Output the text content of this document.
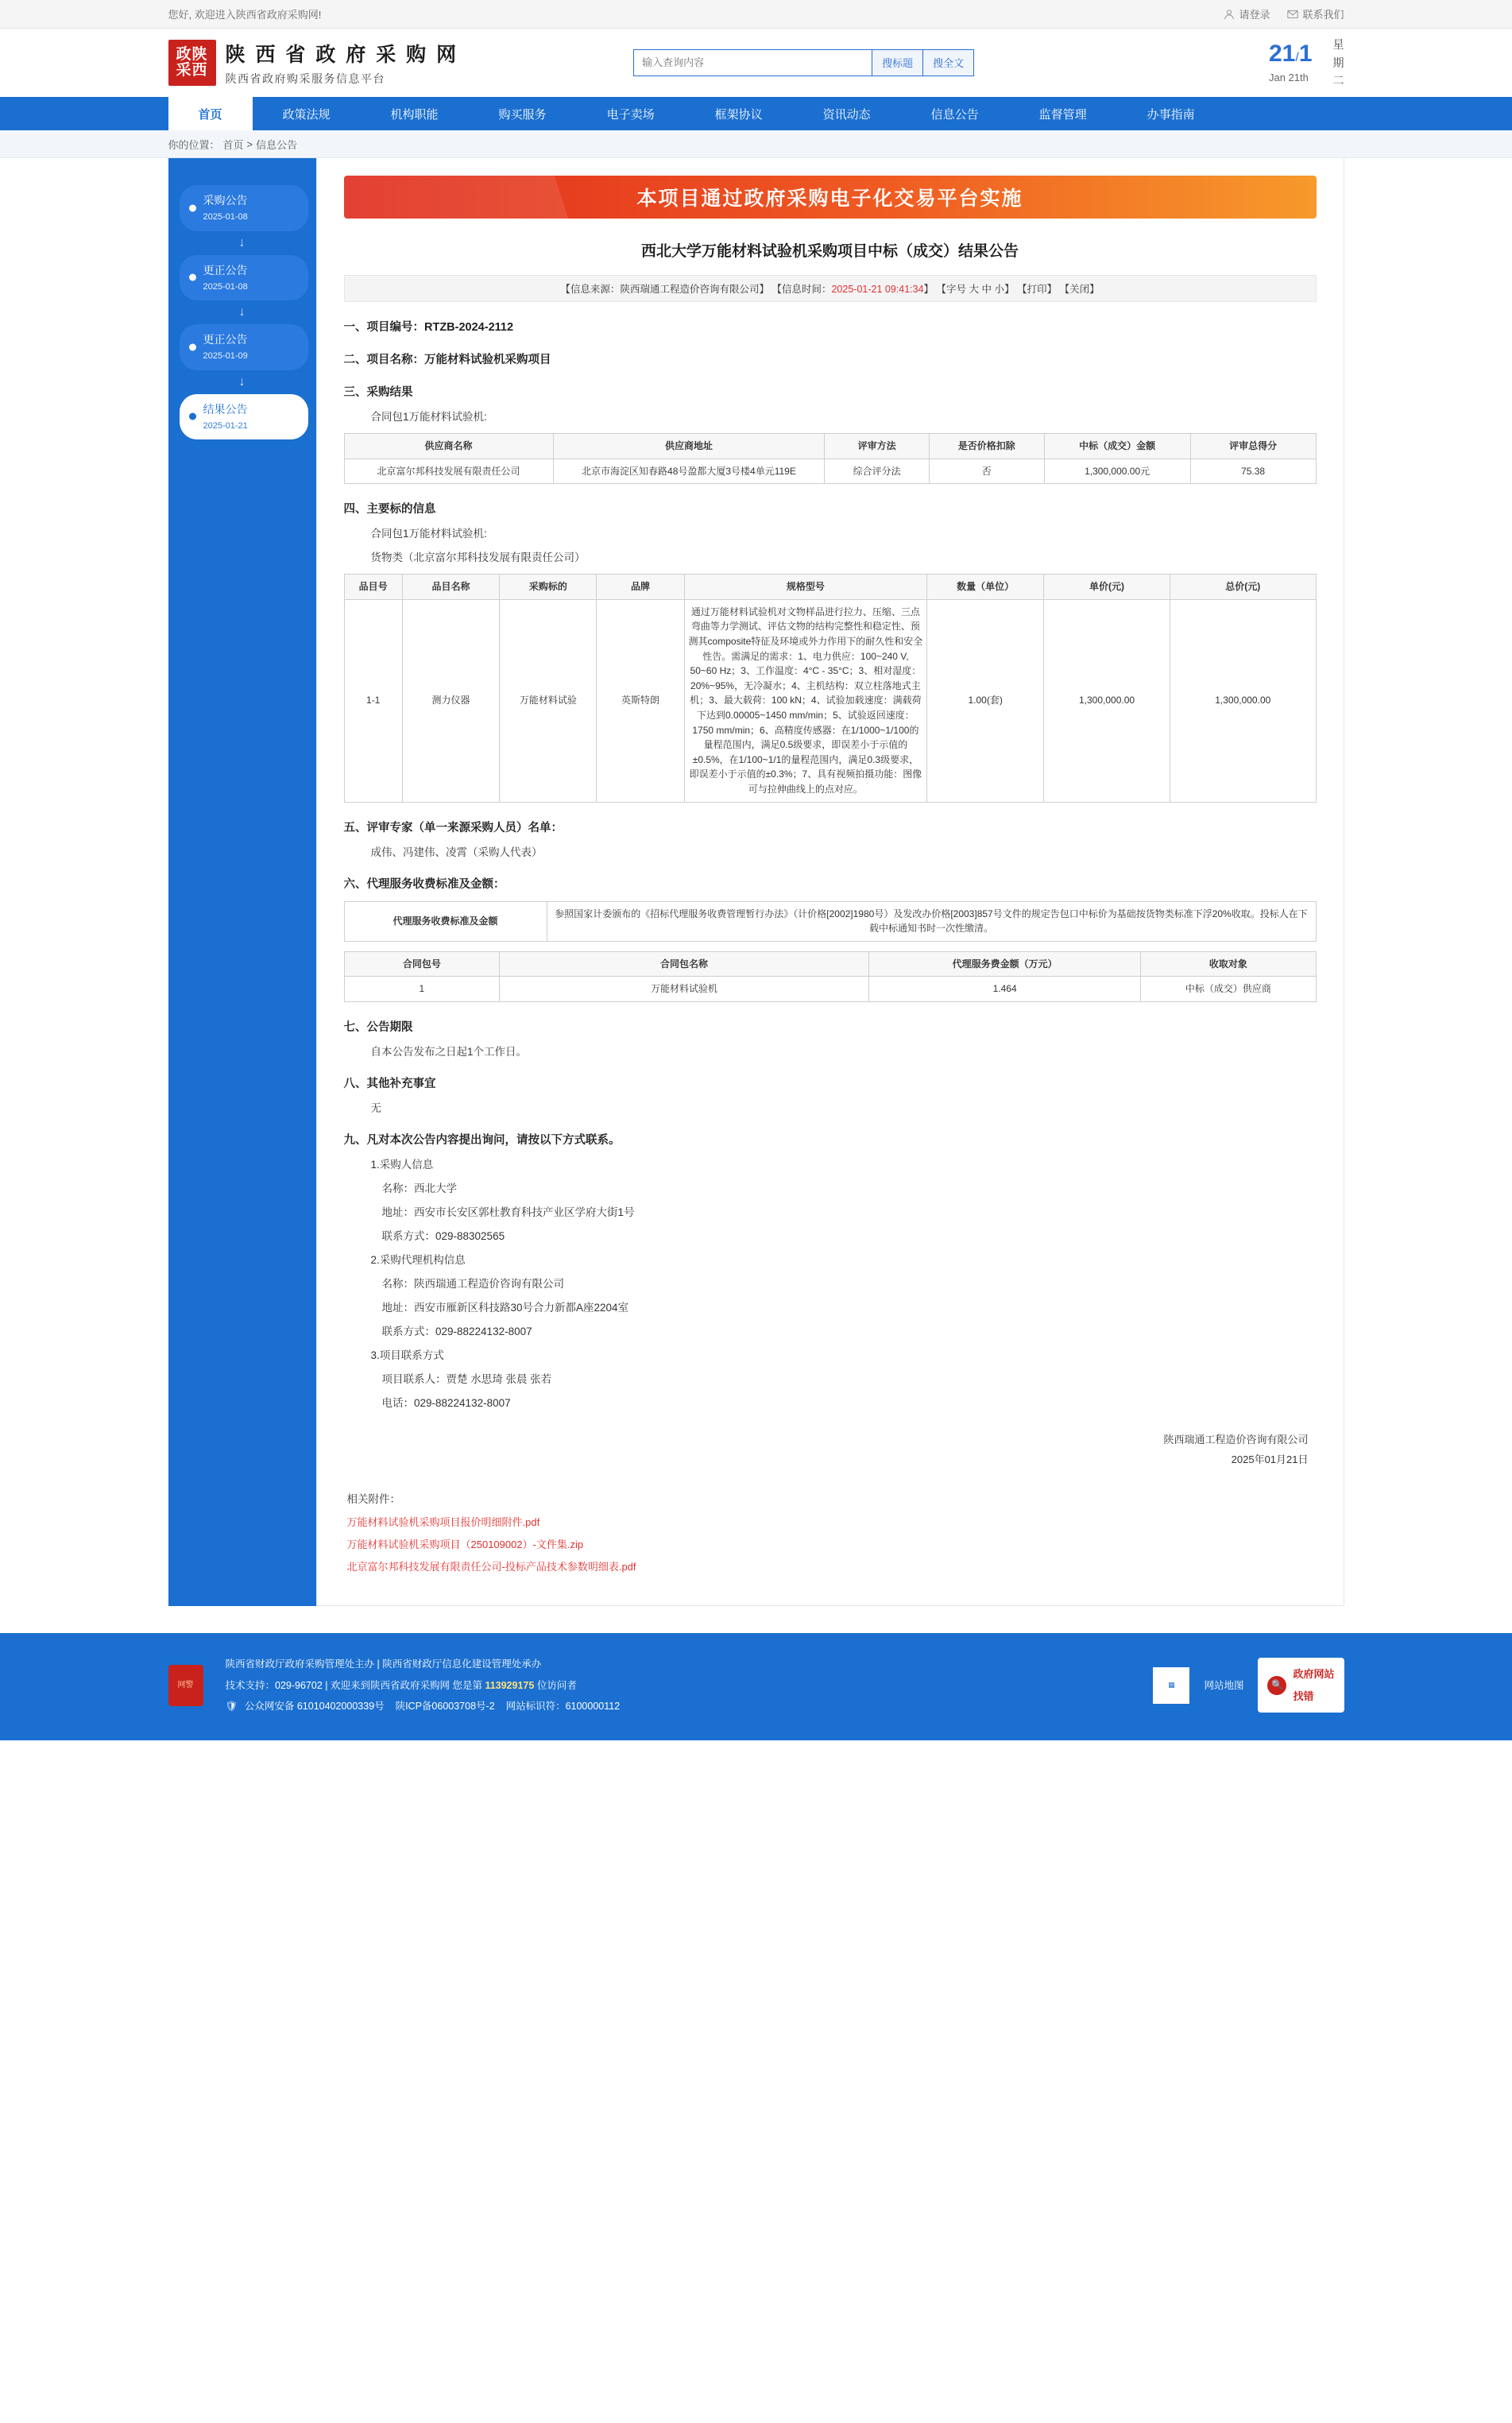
您好, 欢迎进入陕西省政府采购网!	请登录	联系我们
政陕
采西
陕 西 省 政 府 采 购 网
陕西省政府购采服务信息平台
输入查询内容
搜标题	搜全文	21/1
Jan 21th
星
期
二
首页	政策法规	机构职能	购买服务	电子卖场	框架协议	资讯动态	信息公告	监督管理	办事指南
你的位置： 首页 > 信息公告
采购公告
2025-01-08
↓
更正公告
2025-01-08
↓
更正公告
2025-01-09
↓
结果公告
2025-01-21
本项目通过政府采购电子化交易平台实施
西北大学万能材料试验机采购项目中标（成交）结果公告
【信息来源：陕西瑞通工程造价咨询有限公司】 【信息时间：2025-01-21 09:41:34】 【字号 大 中 小】 【打印】 【关闭】
一、项目编号：RTZB-2024-2112
二、项目名称：万能材料试验机采购项目
三、采购结果
合同包1万能材料试验机:
供应商名称	供应商地址	评审方法	是否价格扣除	中标（成交）金额	评审总得分
北京富尔邦科技发展有限责任公司	北京市海淀区知春路48号盈都大厦3号楼4单元119E	综合评分法	否	1,300,000.00元	75.38
四、主要标的信息
合同包1万能材料试验机:
货物类（北京富尔邦科技发展有限责任公司）
品目号	品目名称	采购标的	品牌	规格型号	数量（单位）	单价(元)	总价(元)
1-1	测力仪器	万能材料试验	英斯特朗	通过万能材料试验机对文物样品进行拉力、压缩、三点弯曲等力学测试、评估文物的结构完整性和稳定性、预测其composite特征及环境或外力作用下的耐久性和安全性告。需满足的需求：1、电力供应：100~240 V, 50~60 Hz；3、工作温度：4°C - 35°C；3、相对湿度：20%~95%，无冷凝水；4、主机结构：双立柱落地式主机；3、最大载荷：100 kN；4、试验加载速度：满载荷下达到0.00005~1450 mm/min；5、试验返回速度：1750 mm/min；6、高精度传感器：在1/1000~1/100的量程范围内，满足0.5级要求，即误差小于示值的±0.5%，在1/100~1/1的量程范围内，满足0.3级要求，即误差小于示值的±0.3%；7、具有视频拍摄功能：图像可与拉伸曲线上的点对应。	1.00(套)	1,300,000.00	1,300,000.00
五、评审专家（单一来源采购人员）名单：
成伟、冯建伟、凌霄（采购人代表）
六、代理服务收费标准及金额：
代理服务收费标准及金额	参照国家计委颁布的《招标代理服务收费管理暂行办法》（计价格[2002]1980号）及发改办价格[2003]857号文件的规定告包口中标价为基础按货物类标准下浮20%收取。投标人在下载中标通知书时一次性缴清。
合同包号	合同包名称	代理服务费金额（万元）	收取对象
1	万能材料试验机	1.464	中标（成交）供应商
七、公告期限
自本公告发布之日起1个工作日。
八、其他补充事宜
无
九、凡对本次公告内容提出询问，请按以下方式联系。
1.采购人信息
名称：西北大学
地址：西安市长安区郭杜教育科技产业区学府大街1号
联系方式：029-88302565
2.采购代理机构信息
名称：陕西瑞通工程造价咨询有限公司
地址：西安市雁新区科技路30号合力新都A座2204室
联系方式：029-88224132-8007
3.项目联系方式
项目联系人：贾楚 水思琦 张晨 张若
电话：029-88224132-8007
陕西瑞通工程造价咨询有限公司
2025年01月21日
相关附件：
万能材料试验机采购项目报价明细附件.pdf
万能材料试验机采购项目（250109002）-文件集.zip
北京富尔邦科技发展有限责任公司-投标产品技术参数明细表.pdf
网警
陕西省财政厅政府采购管理处主办 | 陕西省财政厅信息化建设管理处承办
技术支持：029-96702 | 欢迎来到陕西省政府采购网 您是第 113929175 位访问者
🛡 公众网安备 61010402000339号 陕ICP备06003708号-2 网站标识符：6100000112
▦	网站地图	🔍
政府网站
找错
